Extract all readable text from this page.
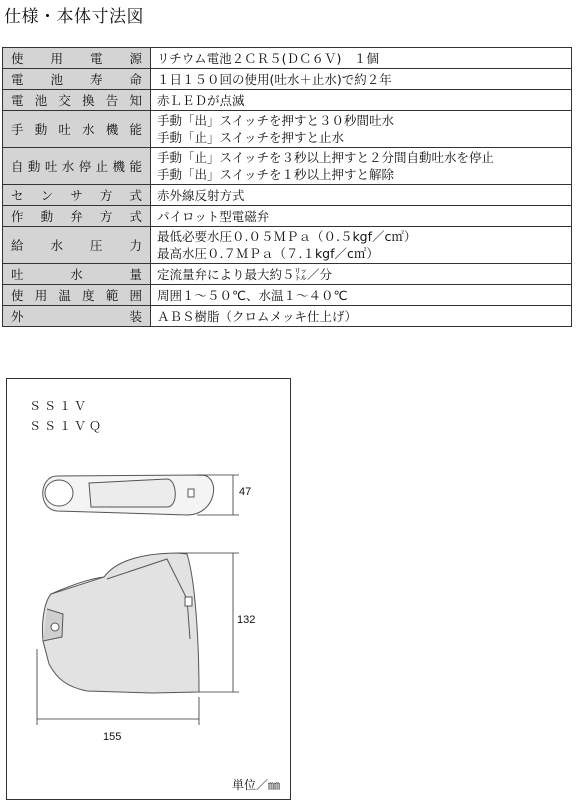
仕様・本体寸法図
使用電源	リチウム電池２ＣＲ５(ＤＣ６Ｖ)　１個

電池寿命	１日１５０回の使用(吐水＋止水)で約２年

電池交換告知	赤ＬＥＤが点滅

手動吐水機能	手動「出」スイッチを押すと３０秒間吐水
手動「止」スイッチを押すと止水

自動吐水停止機能	手動「止」スイッチを３秒以上押すと２分間自動吐水を停止
手動「出」スイッチを１秒以上押すと解除

センサ方式	赤外線反射方式

作動弁方式	パイロット型電磁弁

給水圧力	最低必要水圧０.０５ＭＰａ（０.５kgf／c㎡）
最高水圧０.７ＭＰａ（７.１kgf／c㎡）

吐水量	定流量弁により最大約５㍑／分

使用温度範囲	周囲１～５０℃、水温１～４０℃

外装	ＡＢＳ樹脂（クロムメッキ仕上げ）
ＳＳ１Ｖ
ＳＳ１ＶＱ
47
132
155
単位／㎜
